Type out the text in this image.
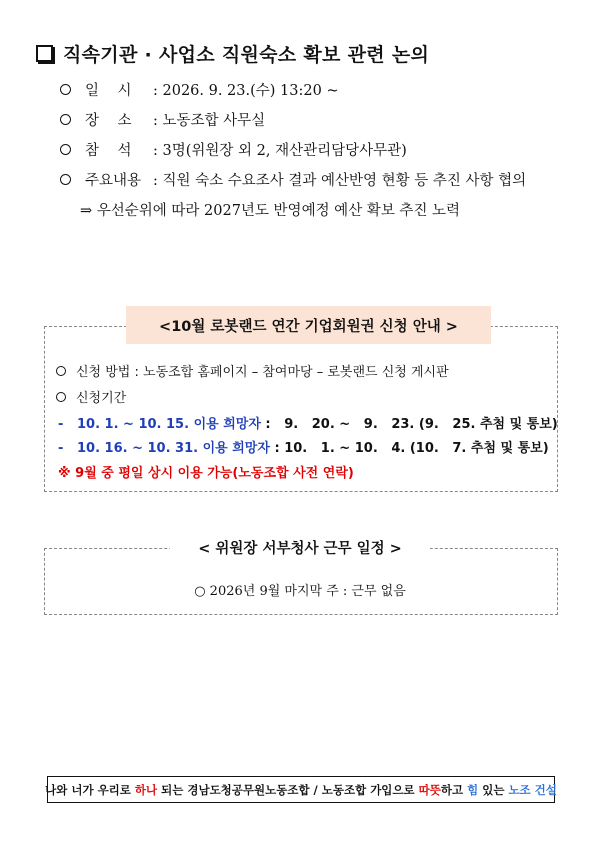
직속기관 · 사업소 직원숙소 확보 관련 논의
일    시	: 2026. 9. 23.(수) 13:20 ~
장    소	: 노동조합 사무실
참    석	: 3명(위원장 외 2, 재산관리담당사무관)
주요내용 : 직원 숙소 수요조사 결과 예산반영 현황 등 추진 사항 협의
⇒ 우선순위에 따라 2027년도 반영예정 예산 확보 추진 노력
<10월 로봇랜드 연간 기업회원권 신청 안내 >
신청 방법 : 노동조합 홈페이지 – 참여마당 – 로봇랜드 신청 게시판
신청기간
-   10. 1. ~ 10. 15. 이용 희망자 :   9.   20. ~   9.   23. (9.   25. 추첨 및 통보)
-   10. 16. ~ 10. 31. 이용 희망자 : 10.   1. ~ 10.   4. (10.   7. 추첨 및 통보)
※ 9월 중 평일 상시 이용 가능(노동조합 사전 연락)
< 위원장 서부청사 근무 일정 >
○ 2026년 9월 마지막 주 : 근무 없음
나와 너가 우리로 하나 되는 경남도청공무원노동조합 / 노동조합 가입으로 따뜻 하고 힘 있는 노조 건설
